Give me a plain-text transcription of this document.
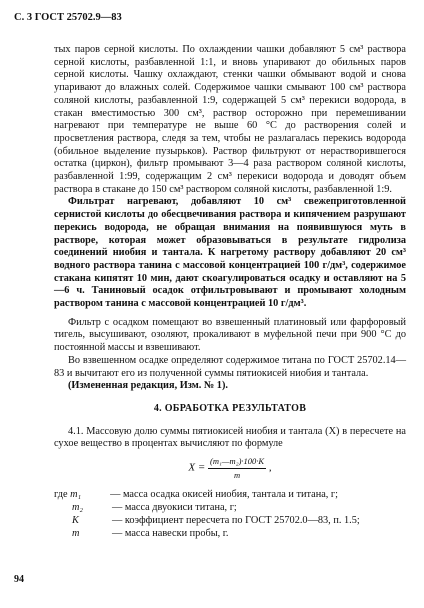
С. 3 ГОСТ 25702.9—83

тых паров серной кислоты. По охлаждении чашки добавляют 5 см³ раствора серной кислоты, разбавленной 1:1, и вновь упаривают до обильных паров серной кислоты. Чашку охлаждают, стенки чашки обмывают водой и снова упаривают до влажных солей. Содержимое чашки смывают 100 см³ раствора соляной кислоты, разбавленной 1:9, содержащей 5 см³ перекиси водорода, в стакан вместимостью 300 см³, раствор осторожно при перемешивании нагревают при температуре не выше 60 °С до растворения солей и просветления раствора, следя за тем, чтобы не разлагалась перекись водорода (обильное выделение пузырьков). Раствор фильтруют от нерастворившегося остатка (циркон), фильтр промывают 3—4 раза раствором соляной кислоты, разбавленной 1:99, содержащим 2 см³ перекиси водорода и доводят объем раствора в стакане до 150 см³ раствором соляной кислоты, разбавленной 1:9.

Фильтрат нагревают, добавляют 10 см³ свежеприготовленной сернистой кислоты до обесцвечивания раствора и кипячением разрушают перекись водорода, не обращая внимания на появившуюся муть в растворе, которая может образовываться в результате гидролиза соединений ниобия и тантала. К нагретому раствору добавляют 20 см³ водного раствора танина с массовой концентрацией 100 г/дм³, содержимое стакана кипятят 10 мин, дают скоагулироваться осадку и оставляют на 5—6 ч. Таниновый осадок отфильтровывают и промывают холодным раствором танина с массовой концентрацией 10 г/дм³.

Фильтр с осадком помещают во взвешенный платиновый или фарфоровый тигель, высушивают, озоляют, прокаливают в муфельной печи при 900 °С до постоянной массы и взвешивают.

Во взвешенном осадке определяют содержимое титана по ГОСТ 25702.14—83 и вычитают его из полученной суммы пятиокисей ниобия и тантала.

(Измененная редакция, Изм. № 1).

4. ОБРАБОТКА РЕЗУЛЬТАТОВ

4.1. Массовую долю суммы пятиокисей ниобия и тантала (X) в пересчете на сухое вещество в процентах вычисляют по формуле

$X = \frac{\text{(m₁—m₂)·100·K}}{m}$ ,
где m₁	— масса осадка окисей ниобия, тантала и титана, г;
m₂	— масса двуокиси титана, г;
K	— коэффициент пересчета по ГОСТ 25702.0—83, п. 1.5;
m	— масса навески пробы, г.
94
